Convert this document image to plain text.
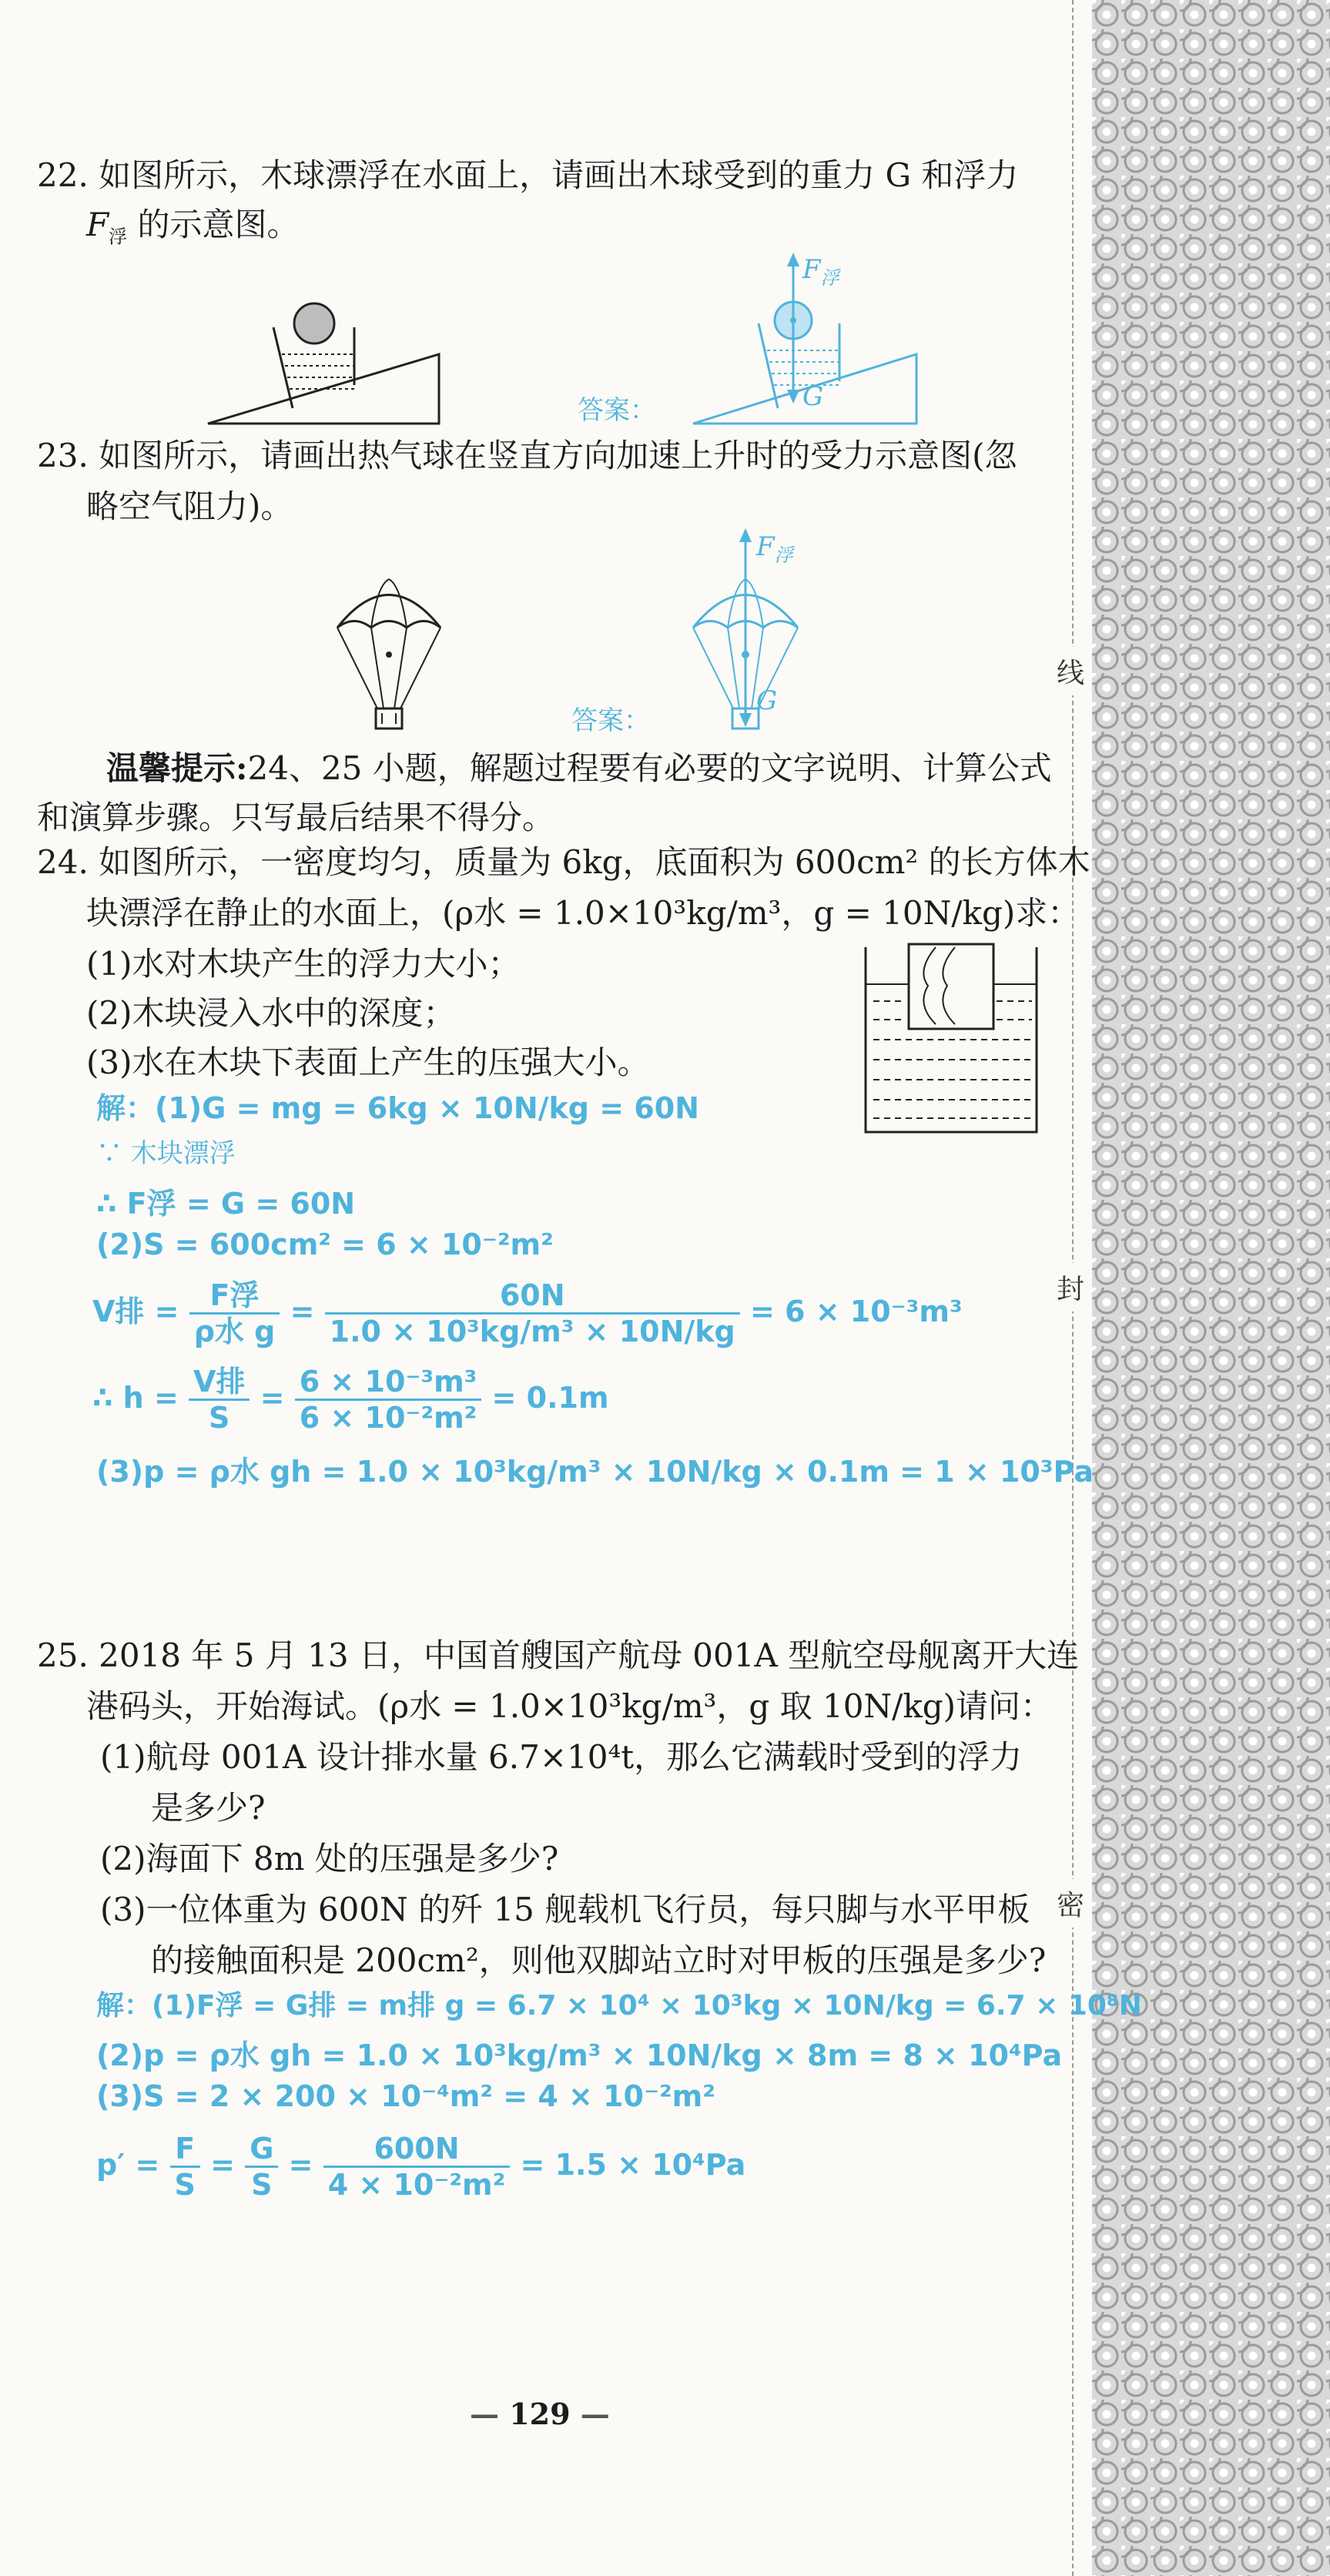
线
封
密
22. 如图所示，木球漂浮在水面上，请画出木球受到的重力 G 和浮力
$F_浮$ 的示意图。
答案：
$F_浮$
G
23. 如图所示，请画出热气球在竖直方向加速上升时的受力示意图(忽
略空气阻力)。
答案：
$F_浮$
G
温馨提示:24、25 小题，解题过程要有必要的文字说明、计算公式
和演算步骤。只写最后结果不得分。
24. 如图所示，一密度均匀，质量为 6kg，底面积为 600cm² 的长方体木
块漂浮在静止的水面上，(ρ水 = 1.0×10³kg/m³，g = 10N/kg)求：
(1)水对木块产生的浮力大小；
(2)木块浸入水中的深度；
(3)水在木块下表面上产生的压强大小。
解：(1)G = mg = 6kg × 10N/kg = 60N
∵ 木块漂浮
∴ F浮 = G = 60N
(2)S = 600cm² = 6 × 10⁻²m²
V排 = $\frac{\text{F浮}}{\text{ρ水 g}} = \frac{60N}{\text{1.0 × 10³kg/m³ × 10N/kg}} = 6 \times 10^{-3}m^3$
∴ $h = \frac{\text{V排}}{S} = \frac{\text{6 × 10⁻³m³}}{\text{6 × 10⁻²m²}} = 0.1m$
(3)p = ρ水 gh = 1.0 × 10³kg/m³ × 10N/kg × 0.1m = 1 × 10³Pa
25. 2018 年 5 月 13 日，中国首艘国产航母 001A 型航空母舰离开大连
港码头，开始海试。(ρ水 = 1.0×10³kg/m³，g 取 10N/kg)请问：
(1)航母 001A 设计排水量 6.7×10⁴t，那么它满载时受到的浮力
是多少?
(2)海面下 8m 处的压强是多少?
(3)一位体重为 600N 的歼 15 舰载机飞行员，每只脚与水平甲板
的接触面积是 200cm²，则他双脚站立时对甲板的压强是多少?
解：(1)F浮 = G排 = m排 g = 6.7 × 10⁴ × 10³kg × 10N/kg = 6.7 × 10⁸N
(2)p = ρ水 gh = 1.0 × 10³kg/m³ × 10N/kg × 8m = 8 × 10⁴Pa
(3)S = 2 × 200 × 10⁻⁴m² = 4 × 10⁻²m²
$p' = \frac{F}{S} = \frac{G}{S} = \frac{600N}{\text{4 × 10⁻²m²}} = 1.5 \times 10^4Pa$
— 129 —
